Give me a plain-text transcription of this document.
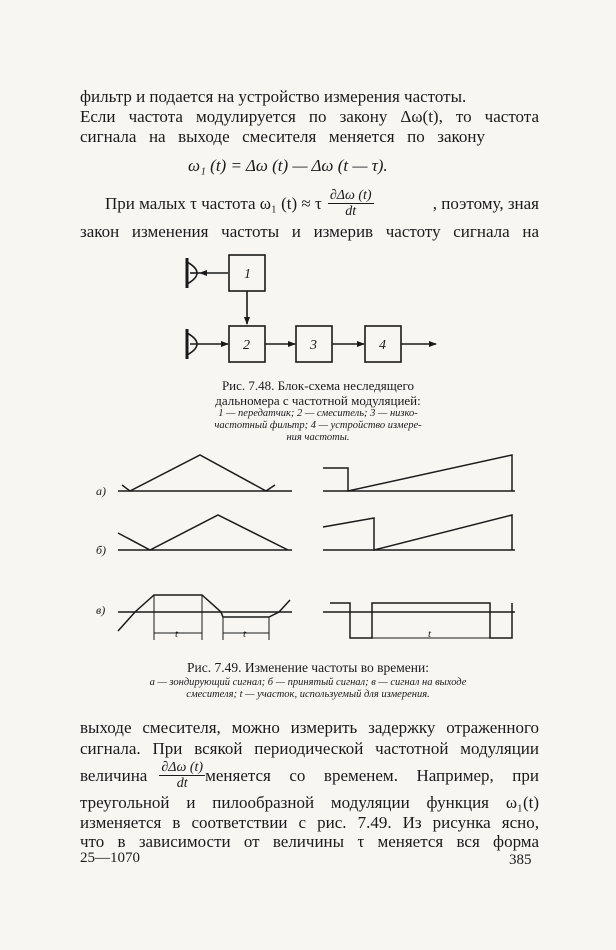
фильтр и подается на устройство измерения частоты.
Если частота модулируется по закону Δω(t), то частота
сигнала на выходе смесителя меняется по закону
ω₁ (t) = Δω (t) — Δω (t — τ).
При малых τ частота ω₁ (t) ≈ τ $\frac{\partial\Delta\omega (t)}{dt}$	, поэтому, зная
закон изменения частоты и измерив частоту сигнала на
1
2	3	4
а)
б)
в)
t	t	t
Рис. 7.48. Блок-схема неследящего
дальномера с частотной модуляцией:
1 — передатчик; 2 — смеситель; 3 — низко-
частотный фильтр; 4 — устройство измере-
ния частоты.
Рис. 7.49. Изменение частоты во времени:
а — зондирующий сигнал; б — принятый сигнал; в — сигнал на выходе
смесителя; t — участок, используемый для измерения.
выходе смесителя, можно измерить задержку отраженного
сигнала. При всякой периодической частотной модуляции
величина $\frac{\partial\Delta\omega (t)}{dt}$ меняется со временем. Например, при
треугольной и пилообразной модуляции функция ω₁(t)
изменяется в соответствии с рис. 7.49. Из рисунка ясно,
что в зависимости от величины τ меняется вся форма
25—1070	385
